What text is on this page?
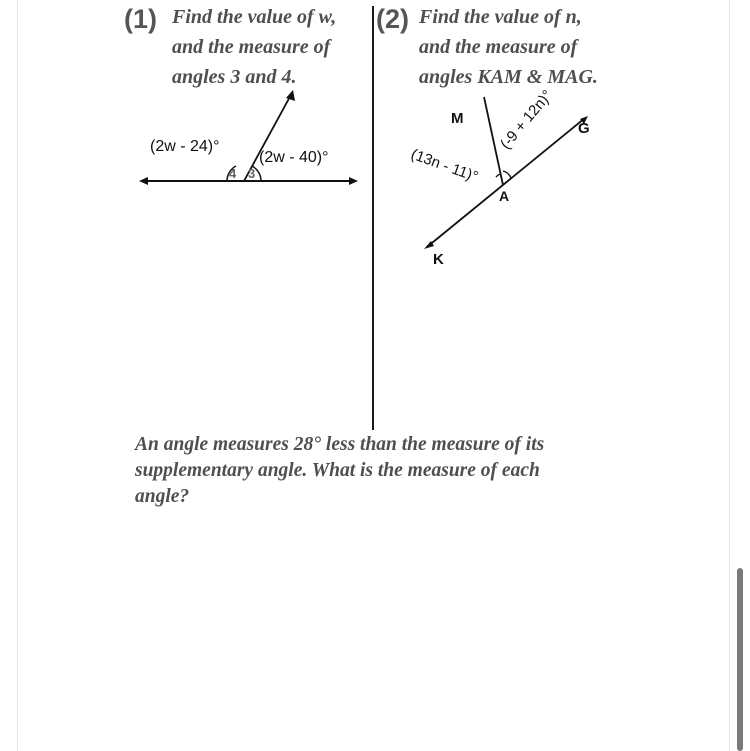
(1) Find the value of w,
and the measure of
angles 3 and 4.
(2w - 24)°
(2w - 40)°
4 3
(2) Find the value of n,
and the measure of
angles KAM & MAG.
M
G
A
K
(-9 + 12n)°
(13n - 11)°
An angle measures 28° less than the measure of its
supplementary angle. What is the measure of each
angle?
